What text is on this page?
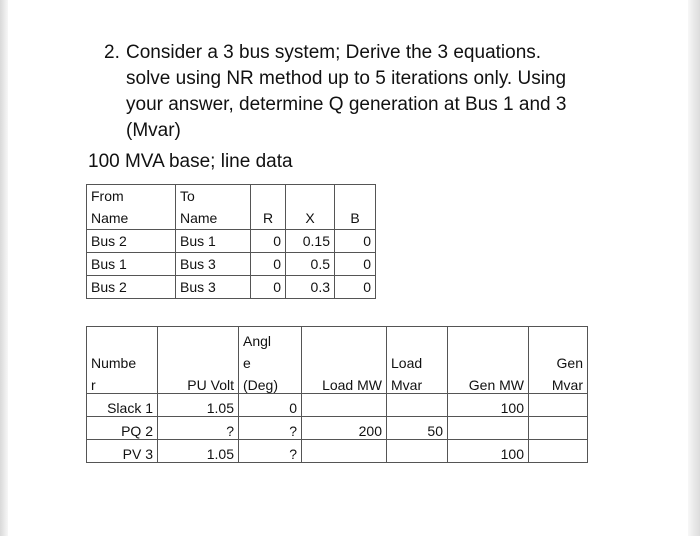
2. Consider a 3 bus system; Derive the 3 equations.
solve using NR method up to 5 iterations only. Using
your answer, determine Q generation at Bus 1 and 3
(Mvar)
100 MVA base; line data
From	To			
Name	Name	R	X	B
Bus 2	Bus 1	0	0.15	0
Bus 1	Bus 3	0	0.5	0
Bus 2	Bus 3	0	0.3	0
		Angl				
Numbe		e		Load		Gen
r	PU Volt	(Deg)	Load MW	Mvar	Gen MW	Mvar
Slack 1	1.05	0			100	
PQ 2	?	?	200	50		
PV 3	1.05	?			100	
